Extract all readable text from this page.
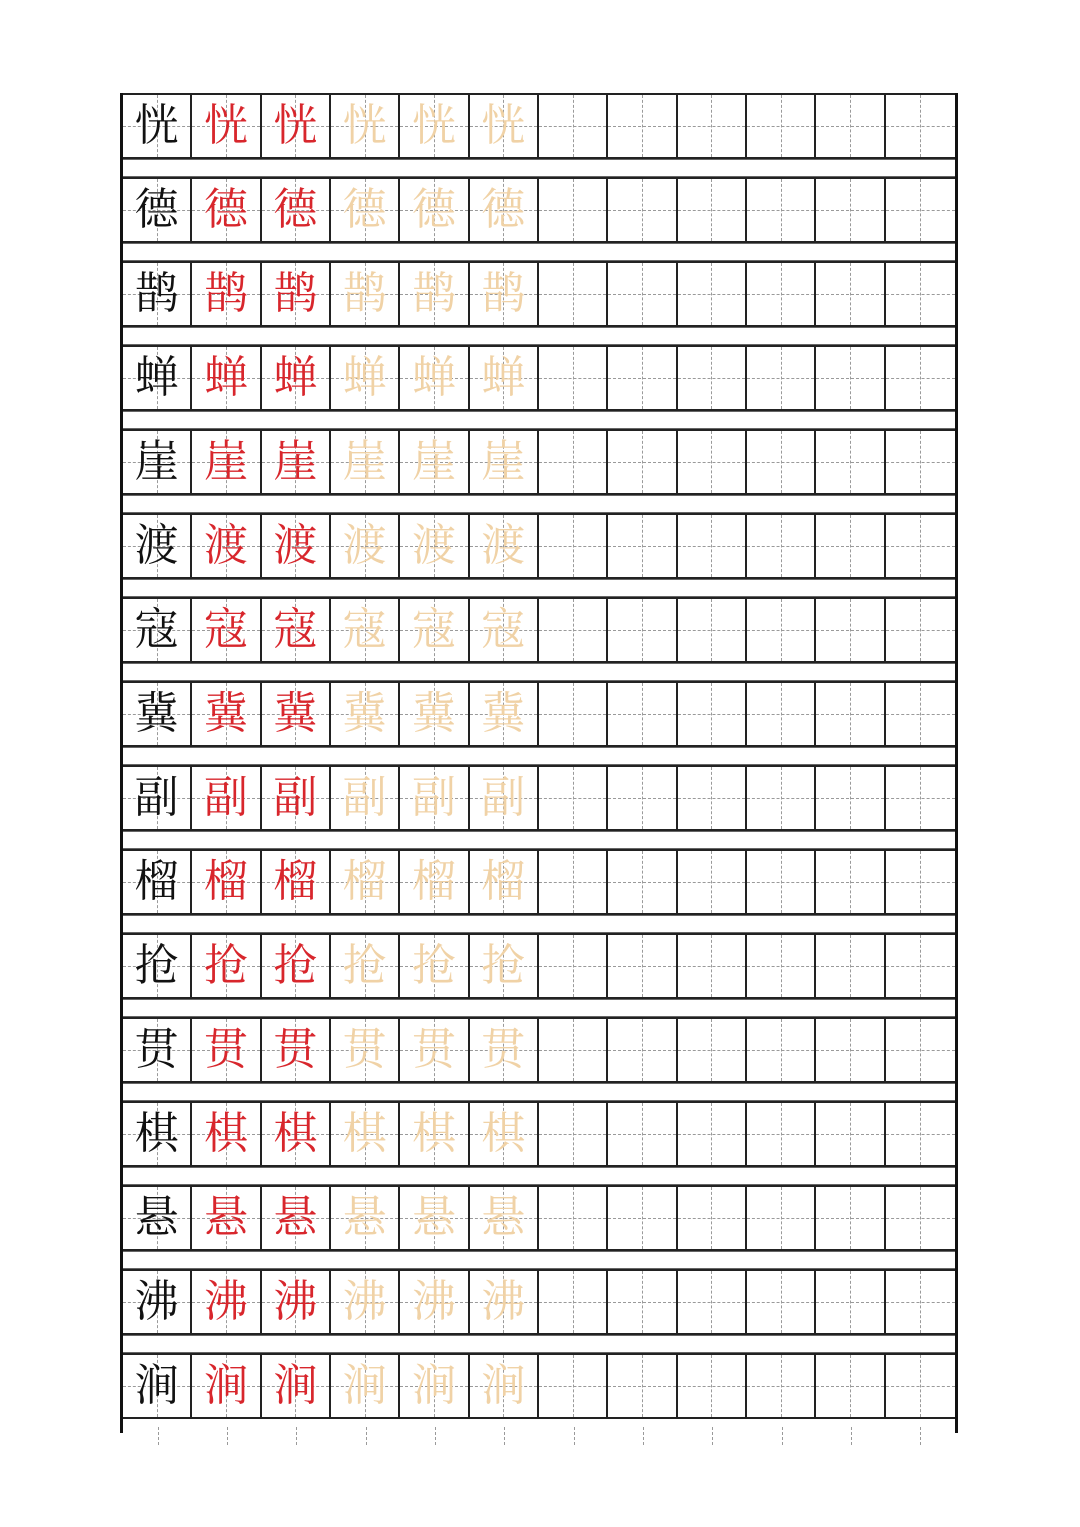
恍 恍 恍 恍 恍 恍
德 德 德 德 德 德
鹊 鹊 鹊 鹊 鹊 鹊
蝉 蝉 蝉 蝉 蝉 蝉
崖 崖 崖 崖 崖 崖
渡 渡 渡 渡 渡 渡
寇 寇 寇 寇 寇 寇
冀 冀 冀 冀 冀 冀
副 副 副 副 副 副
榴 榴 榴 榴 榴 榴
抢 抢 抢 抢 抢 抢
贯 贯 贯 贯 贯 贯
棋 棋 棋 棋 棋 棋
悬 悬 悬 悬 悬 悬
沸 沸 沸 沸 沸 沸
涧 涧 涧 涧 涧 涧
